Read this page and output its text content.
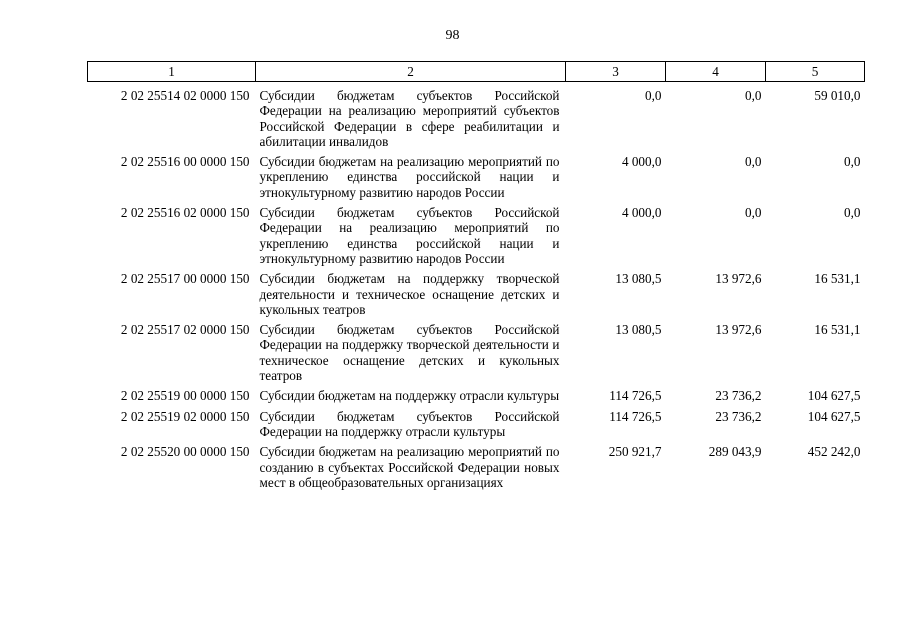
98
1	2	3	4	5
2 02 25514 02 0000 150	Субсидии бюджетам субъектов Российской Федерации на реализацию мероприятий субъектов Российской Федерации в сфере реабилитации и абилитации инвалидов	0,0	0,0	59 010,0
2 02 25516 00 0000 150	Субсидии бюджетам на реализацию мероприятий по укреплению единства российской нации и этнокультурному развитию народов России	4 000,0	0,0	0,0
2 02 25516 02 0000 150	Субсидии бюджетам субъектов Российской Федерации на реализацию мероприятий по укреплению единства российской нации и этнокультурному развитию народов России	4 000,0	0,0	0,0
2 02 25517 00 0000 150	Субсидии бюджетам на поддержку творческой деятельности и техническое оснащение детских и кукольных театров	13 080,5	13 972,6	16 531,1
2 02 25517 02 0000 150	Субсидии бюджетам субъектов Российской Федерации на поддержку творческой деятельности и техническое оснащение детских и кукольных театров	13 080,5	13 972,6	16 531,1
2 02 25519 00 0000 150	Субсидии бюджетам на поддержку отрасли культуры	114 726,5	23 736,2	104 627,5
2 02 25519 02 0000 150	Субсидии бюджетам субъектов Российской Федерации на поддержку отрасли культуры	114 726,5	23 736,2	104 627,5
2 02 25520 00 0000 150	Субсидии бюджетам на реализацию мероприятий по созданию в субъектах Российской Федерации новых мест в общеобразовательных организациях	250 921,7	289 043,9	452 242,0
